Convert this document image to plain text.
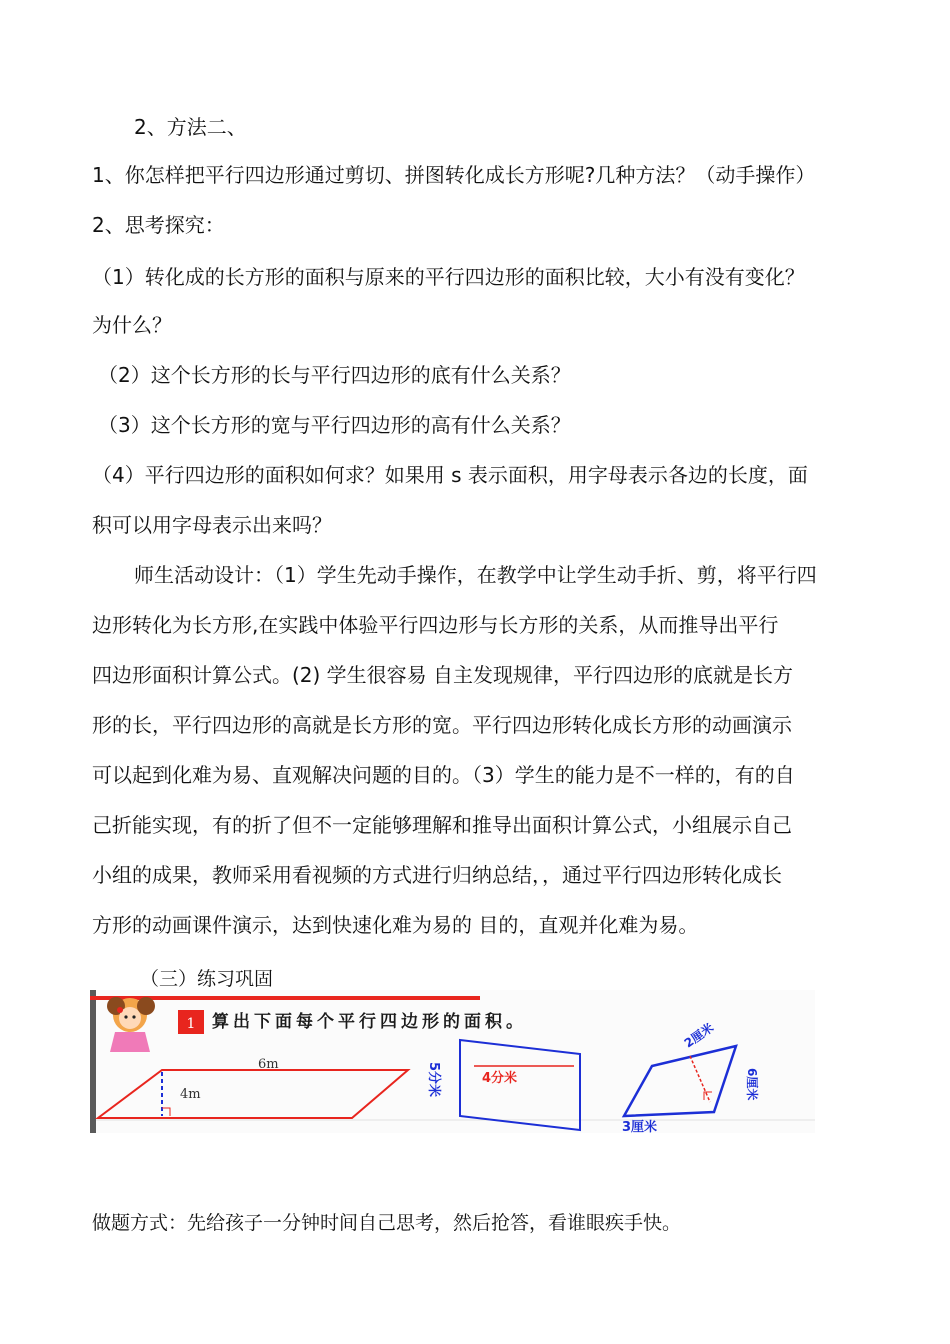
2、方法二、
1、你怎样把平行四边形通过剪切、拼图转化成长方形呢?几种方法？（动手操作）
2、思考探究：
（1）转化成的长方形的面积与原来的平行四边形的面积比较，大小有没有变化？
为什么？
（2）这个长方形的长与平行四边形的底有什么关系？
（3）这个长方形的宽与平行四边形的高有什么关系？
（4）平行四边形的面积如何求？如果用 s 表示面积，用字母表示各边的长度，面
积可以用字母表示出来吗？
师生活动设计：（1）学生先动手操作，在教学中让学生动手折、剪，将平行四
边形转化为长方形,在实践中体验平行四边形与长方形的关系，从而推导出平行
四边形面积计算公式。(2) 学生很容易 自主发现规律，平行四边形的底就是长方
形的长，平行四边形的高就是长方形的宽。平行四边形转化成长方形的动画演示
可以起到化难为易、直观解决问题的目的。（3）学生的能力是不一样的，有的自
己折能实现，有的折了但不一定能够理解和推导出面积计算公式，小组展示自己
小组的成果，教师采用看视频的方式进行归纳总结，，通过平行四边形转化成长
方形的动画课件演示，达到快速化难为易的 目的，直观并化难为易。
（三）练习巩固
1 算出下面每个平行四边形的面积。
6m
4m	5分米	4分米
3厘米
2厘米
6厘米
做题方式：先给孩子一分钟时间自己思考，然后抢答，看谁眼疾手快。
